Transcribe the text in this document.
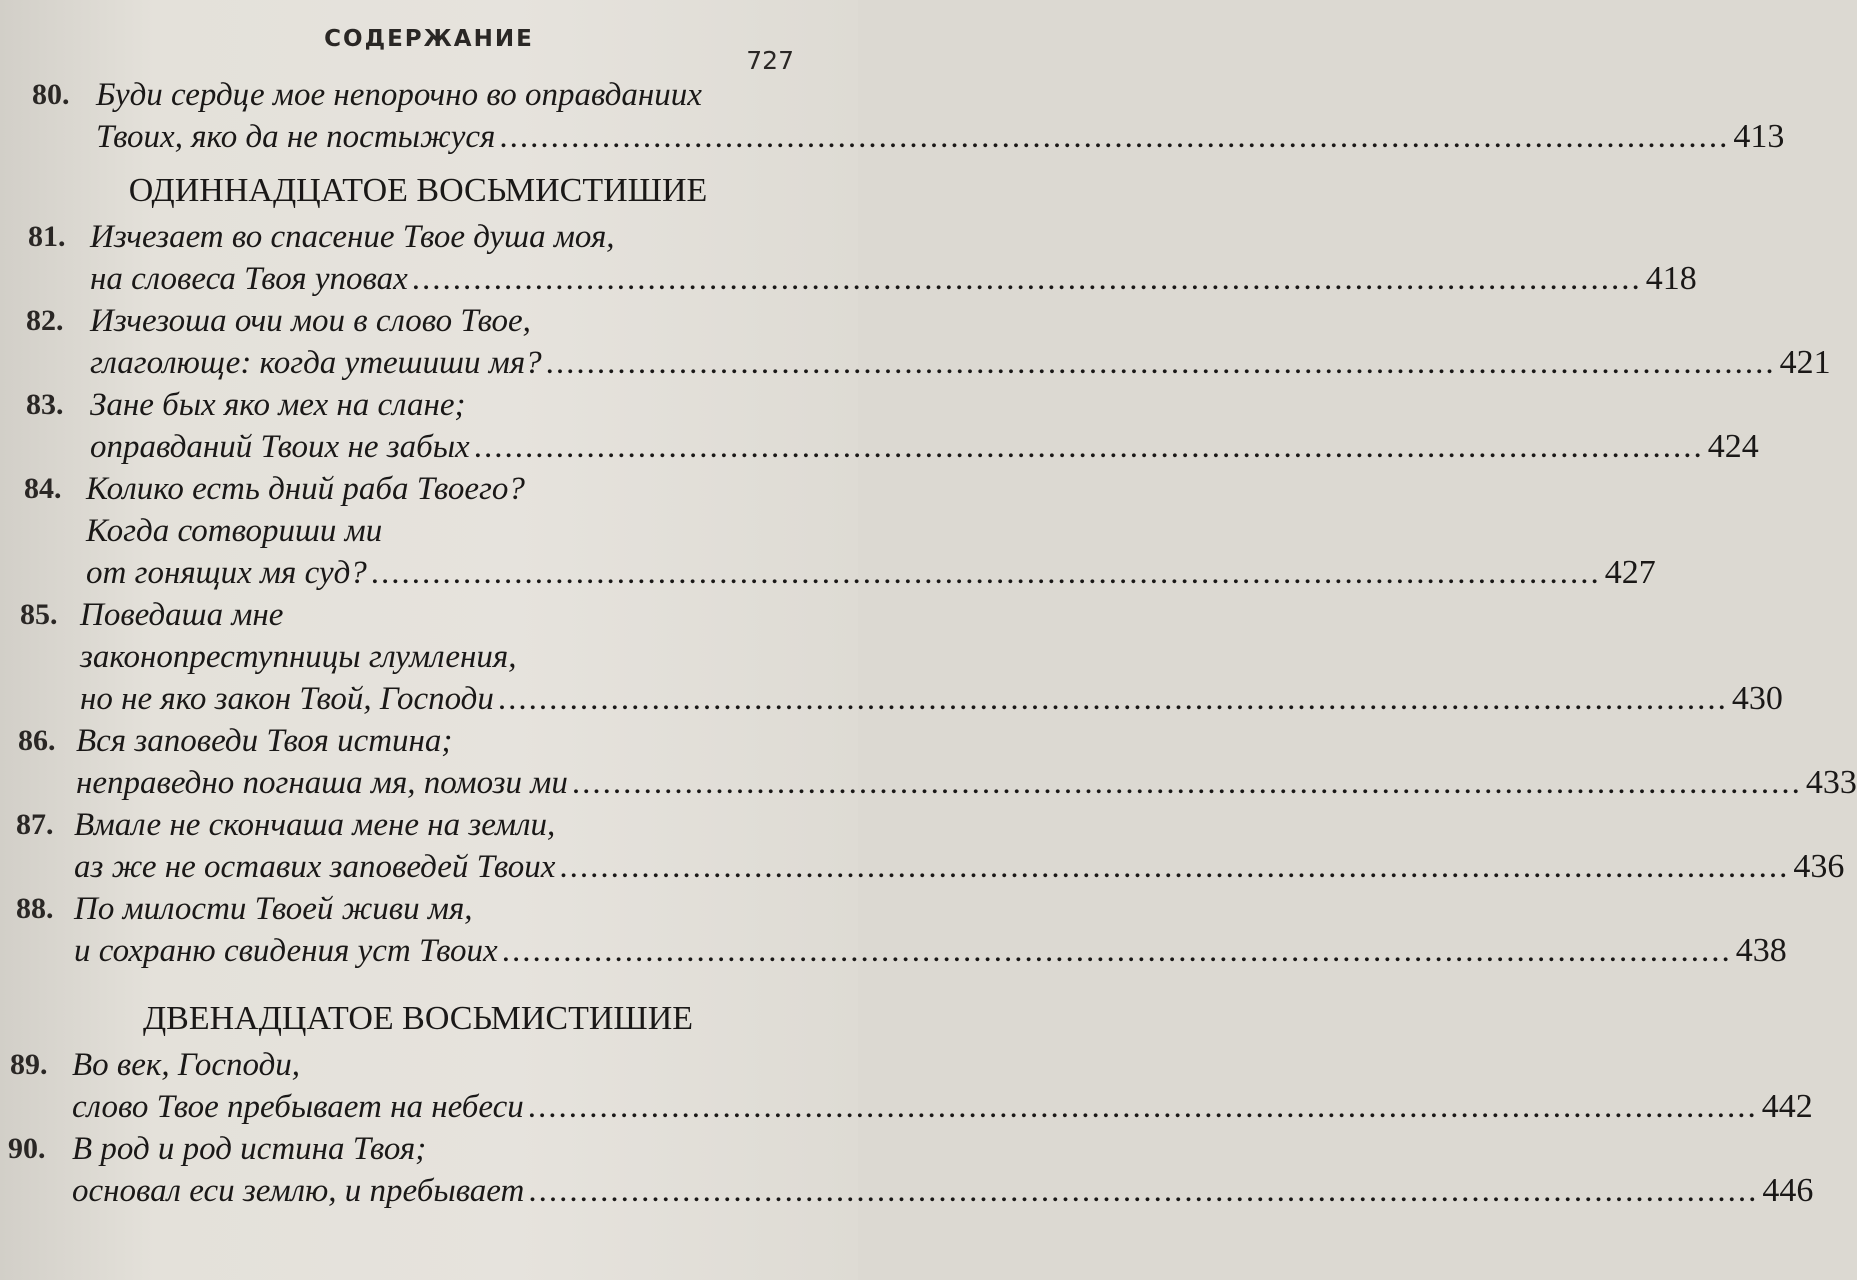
СОДЕРЖАНИЕ
727
80. Буди сердце мое непорочно во оправданиих
Твоих, яко да не постыжуся ........................................................................................................................ 413
ОДИННАДЦАТОЕ ВОСЬМИСТИШИЕ
81. Изчезает во спасение Твое душа моя,
на словеса Твоя уповах ........................................................................................................................ 418
82. Изчезоша очи мои в слово Твое,
глаголюще: когда утешиши мя? ........................................................................................................................ 421
83. Зане бых яко мех на слане;
оправданий Твоих не забых ........................................................................................................................ 424
84. Колико есть дний раба Твоего?
Когда сотвориши ми
от гонящих мя суд? ........................................................................................................................ 427
85. Поведаша мне
законопреступницы глумления,
но не яко закон Твой, Господи ........................................................................................................................ 430
86. Вся заповеди Твоя истина;
неправедно погнаша мя, помози ми ........................................................................................................................ 433
87. Вмале не скончаша мене на земли,
аз же не оставих заповедей Твоих ........................................................................................................................ 436
88. По милости Твоей живи мя,
и сохраню свидения уст Твоих ........................................................................................................................ 438
ДВЕНАДЦАТОЕ ВОСЬМИСТИШИЕ
89. Во век, Господи,
слово Твое пребывает на небеси ........................................................................................................................ 442
90. В род и род истина Твоя;
основал еси землю, и пребывает ........................................................................................................................ 446
